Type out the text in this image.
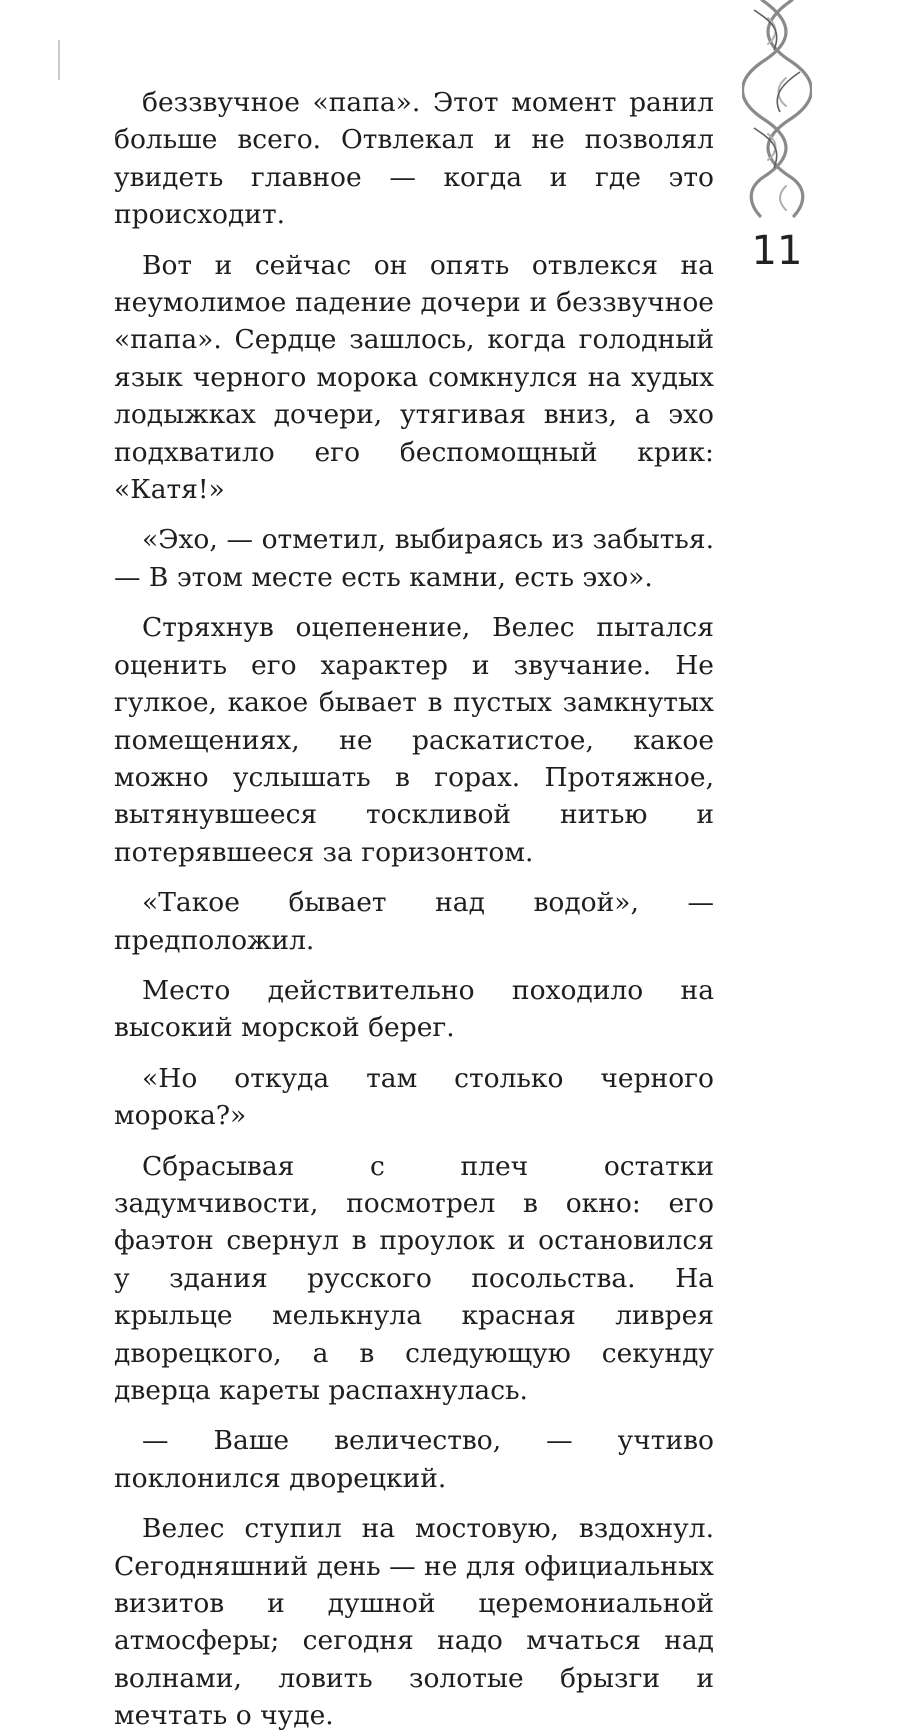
беззвучное «папа». Этот момент ранил больше всего. Отвлекал и не позволял увидеть главное — когда и где это происходит.

Вот и сейчас он опять отвлекся на неумолимое падение дочери и беззвучное «папа». Сердце зашлось, когда голодный язык черного морока сомкнулся на худых лодыжках дочери, утягивая вниз, а эхо подхватило его беспомощный крик: «Катя!»

«Эхо, — отметил, выбираясь из забытья. — В этом месте есть камни, есть эхо».

Стряхнув оцепенение, Велес пытался оценить его характер и звучание. Не гулкое, какое бывает в пустых замкнутых помещениях, не раскатистое, какое можно услышать в горах. Протяжное, вытянувшееся тоскливой нитью и потерявшееся за горизонтом.

«Такое бывает над водой», — предположил.

Место действительно походило на высокий морской берег.

«Но откуда там столько черного морока?»

Сбрасывая с плеч остатки задумчивости, посмотрел в окно: его фаэтон свернул в проулок и остановился у здания русского посольства. На крыльце мелькнула красная ливрея дворецкого, а в следующую секунду дверца кареты распахнулась.

— Ваше величество, — учтиво поклонился дворецкий.

Велес ступил на мостовую, вздохнул. Сегодняшний день — не для официальных визитов и душной церемониальной атмосферы; сегодня надо мчаться над волнами, ловить золотые брызги и мечтать о чуде.

11
